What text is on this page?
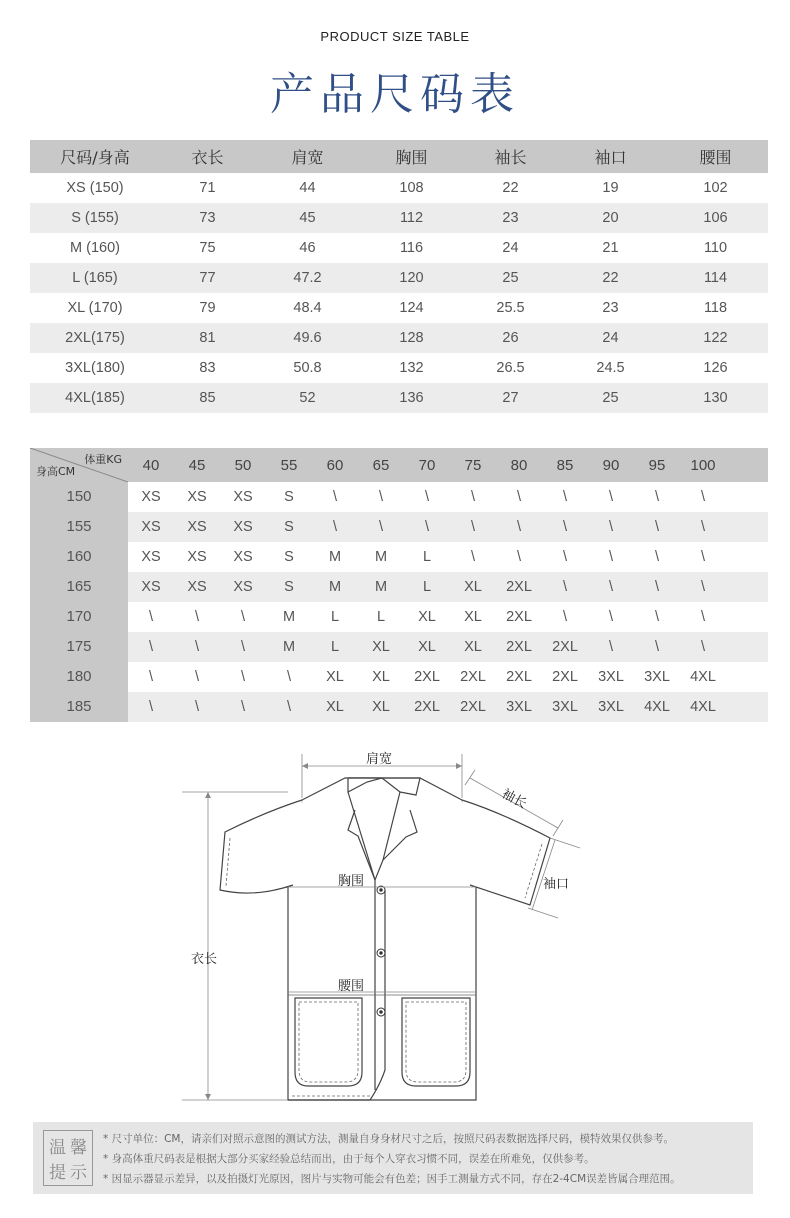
PRODUCT SIZE TABLE
产品尺码表
尺码/身高	衣长	肩宽	胸围	袖长	袖口	腰围
XS (150)	71	44	108	22	19	102
S (155)	73	45	112	23	20	106
M (160)	75	46	116	24	21	110
L (165)	77	47.2	120	25	22	114
XL (170)	79	48.4	124	25.5	23	118
2XL(175)	81	49.6	128	26	24	122
3XL(180)	83	50.8	132	26.5	24.5	126
4XL(185)	85	52	136	27	25	130
体重KG
身高CM	40	45	50	55	60	65	70	75	80	85	90	95	100
150	XS	XS	XS	S	\	\	\	\	\	\	\	\	\
155	XS	XS	XS	S	\	\	\	\	\	\	\	\	\
160	XS	XS	XS	S	M	M	L	\	\	\	\	\	\
165	XS	XS	XS	S	M	M	L	XL	2XL	\	\	\	\
170	\	\	\	M	L	L	XL	XL	2XL	\	\	\	\
175	\	\	\	M	L	XL	XL	XL	2XL	2XL	\	\	\
180	\	\	\	\	XL	XL	2XL	2XL	2XL	2XL	3XL	3XL	4XL
185	\	\	\	\	XL	XL	2XL	2XL	3XL	3XL	3XL	4XL	4XL
肩宽
袖长
袖口
胸围
衣长
腰围
温 馨
提 示
* 尺寸单位：CM，请亲们对照示意图的测试方法，测量自身身材尺寸之后，按照尺码表数据选择尺码，模特效果仅供参考。
* 身高体重尺码表是根据大部分买家经验总结而出，由于每个人穿衣习惯不同，误差在所难免，仅供参考。
* 因显示器显示差异，以及拍摄灯光原因，图片与实物可能会有色差；因手工测量方式不同，存在2-4CM误差皆属合理范围。
